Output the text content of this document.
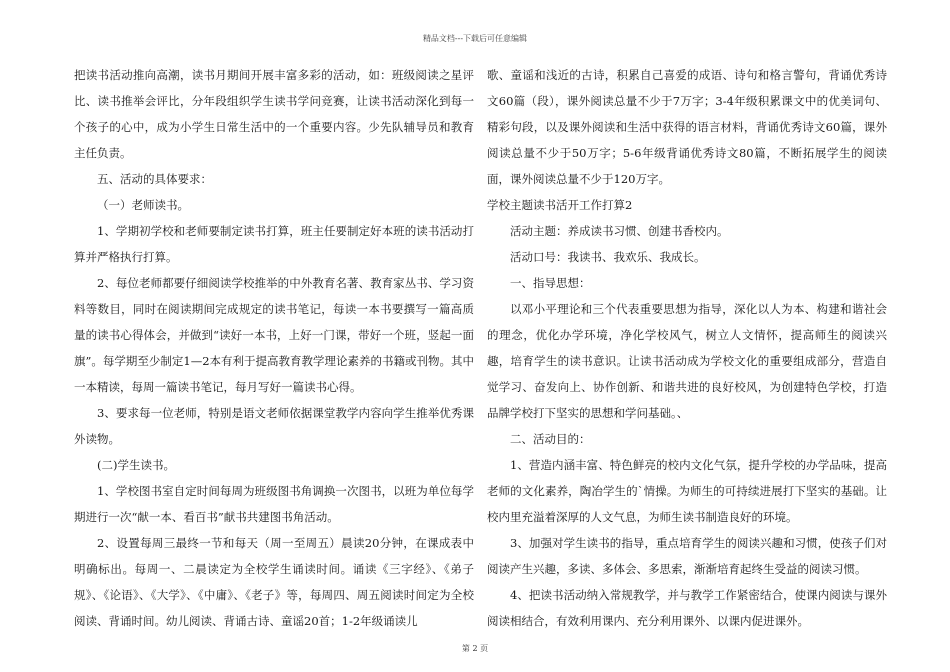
精品文档---下载后可任意编辑

把读书活动推向高潮，读书月期间开展丰富多彩的活动，如：班级阅读之星评比、读书推举会评比，分年段组织学生读书学问竞赛，让读书活动深化到每一个孩子的心中，成为小学生日常生活中的一个重要内容。少先队辅导员和教育主任负责。

五、活动的具体要求：

（一）老师读书。

1、学期初学校和老师要制定读书打算，班主任要制定好本班的读书活动打算并严格执行打算。

2、每位老师都要仔细阅读学校推举的中外教育名著、教育家丛书、学习资料等数目，同时在阅读期间完成规定的读书笔记，每读一本书要撰写一篇高质量的读书心得体会，并做到“读好一本书，上好一门课，带好一个班，竖起一面旗”。每学期至少制定1—2本有利于提高教育教学理论素养的书籍或刊物。其中一本精读，每周一篇读书笔记，每月写好一篇读书心得。

3、要求每一位老师，特别是语文老师依据课堂教学内容向学生推举优秀课外读物。

(二)学生读书。

1、学校图书室自定时间每周为班级图书角调换一次图书，以班为单位每学期进行一次“献一本、看百书”献书共建图书角活动。

2、设置每周三最终一节和每天（周一至周五）晨读20分钟，在课成表中明确标出。每周一、二晨读定为全校学生诵读时间。诵读《三字经》、《弟子规》、《论语》、《大学》、《中庸》、《老子》等，每周四、周五阅读时间定为全校阅读、背诵时间。幼儿阅读、背诵古诗、童谣20首；1-2年级诵读儿

歌、童谣和浅近的古诗，积累自己喜爱的成语、诗句和格言警句，背诵优秀诗文60篇（段），课外阅读总量不少于7万字；3-4年级积累课文中的优美词句、精彩句段，以及课外阅读和生活中获得的语言材料，背诵优秀诗文60篇，课外阅读总量不少于50万字；5-6年级背诵优秀诗文80篇，不断拓展学生的阅读面，课外阅读总量不少于120万字。

学校主题读书活开工作打算2

活动主题：养成读书习惯、创建书香校内。

活动口号：我读书、我欢乐、我成长。

一、指导思想：

以邓小平理论和三个代表重要思想为指导，深化以人为本、构建和谐社会的理念，优化办学环境，净化学校风气，树立人文情怀，提高师生的阅读兴趣，培育学生的读书意识。让读书活动成为学校文化的重要组成部分，营造自觉学习、奋发向上、协作创新、和谐共进的良好校风，为创建特色学校，打造品牌学校打下坚实的思想和学问基础。、

二、活动目的：

1、营造内涵丰富、特色鲜亮的校内文化气氛，提升学校的办学品味，提高老师的文化素养，陶冶学生的`情操。为师生的可持续进展打下坚实的基础。让校内里充溢着深厚的人文气息，为师生读书制造良好的环境。

3、加强对学生读书的指导，重点培育学生的阅读兴趣和习惯，使孩子们对阅读产生兴趣，多读、多体会、多思索，渐渐培育起终生受益的阅读习惯。

4、把读书活动纳入常规教学，并与教学工作紧密结合，使课内阅读与课外阅读相结合，有效利用课内、充分利用课外、以课内促进课外。

第 2 页
